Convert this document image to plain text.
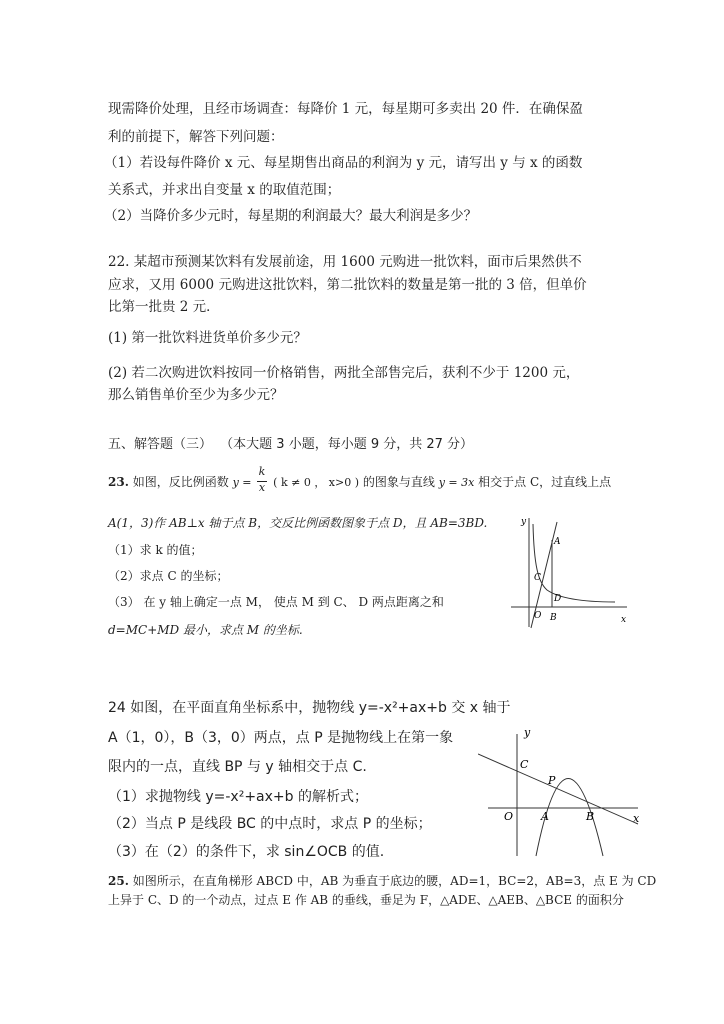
现需降价处理，且经市场调查：每降价 1 元，每星期可多卖出 20 件．在确保盈
利的前提下，解答下列问题：
（1）若设每件降价 x 元、每星期售出商品的利润为 y 元，请写出 y 与 x 的函数
关系式，并求出自变量 x 的取值范围；
（2）当降价多少元时，每星期的利润最大？最大利润是多少？
22. 某超市预测某饮料有发展前途，用 1600 元购进一批饮料，面市后果然供不
应求，又用 6000 元购进这批饮料，第二批饮料的数量是第一批的 3 倍，但单价
比第一批贵 2 元．
(1) 第一批饮料进货单价多少元？
(2) 若二次购进饮料按同一价格销售，两批全部售完后，获利不少于 1200 元，
那么销售单价至少为多少元？
五、解答题（三） （本大题 3 小题，每小题 9 分，共 27 分）
23. 如图，反比例函数 y = ( k ≠ 0 ， x>0 ) 的图象与直线 y = 3x 相交于点 C，过直线上点
k
x
A(1，3)作 AB⊥x 轴于点 B，交反比例函数图象于点 D，且 AB=3BD.
（1）求 k 的值；
（2）求点 C 的坐标；
（3） 在 y 轴上确定一点 M， 使点 M 到 C、 D 两点距离之和
d=MC+MD 最小，求点 M 的坐标.
y
x
A
C
D
O B
24 如图，在平面直角坐标系中，抛物线 y=-x²+ax+b 交 x 轴于
A（1，0），B（3，0）两点，点 P 是抛物线上在第一象
限内的一点，直线 BP 与 y 轴相交于点 C.
（1）求抛物线 y=-x²+ax+b 的解析式；
（2）当点 P 是线段 BC 的中点时，求点 P 的坐标；
（3）在（2）的条件下，求 sin∠OCB 的值.
y
x
C
P
O	A	B
25. 如图所示，在直角梯形 ABCD 中，AB 为垂直于底边的腰，AD=1，BC=2，AB=3，点 E 为 CD
上异于 C、D 的一个动点，过点 E 作 AB 的垂线，垂足为 F，△ADE、△AEB、△BCE 的面积分
